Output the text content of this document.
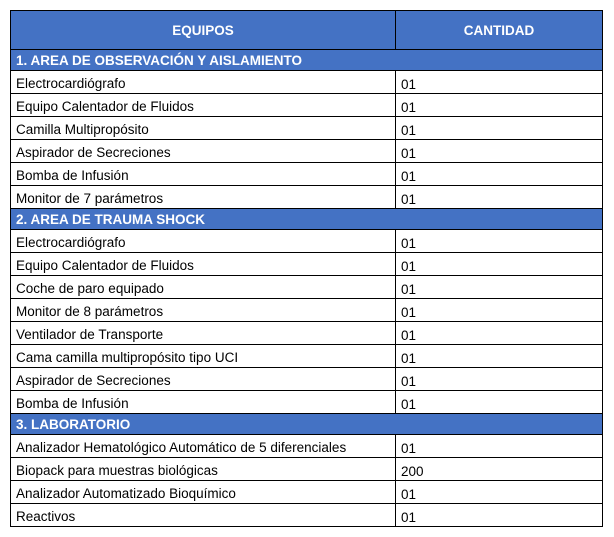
EQUIPOS	CANTIDAD
1. AREA DE OBSERVACIÓN Y AISLAMIENTO
Electrocardiógrafo	01
Equipo Calentador de Fluidos	01
Camilla Multipropósito	01
Aspirador de Secreciones	01
Bomba de Infusión	01
Monitor de 7 parámetros	01
2. AREA DE TRAUMA SHOCK
Electrocardiógrafo	01
Equipo Calentador de Fluidos	01
Coche de paro equipado	01
Monitor de 8 parámetros	01
Ventilador de Transporte	01
Cama camilla multipropósito tipo UCI	01
Aspirador de Secreciones	01
Bomba de Infusión	01
3. LABORATORIO
Analizador Hematológico Automático de 5 diferenciales	01
Biopack para muestras biológicas	200
Analizador Automatizado Bioquímico	01
Reactivos	01
